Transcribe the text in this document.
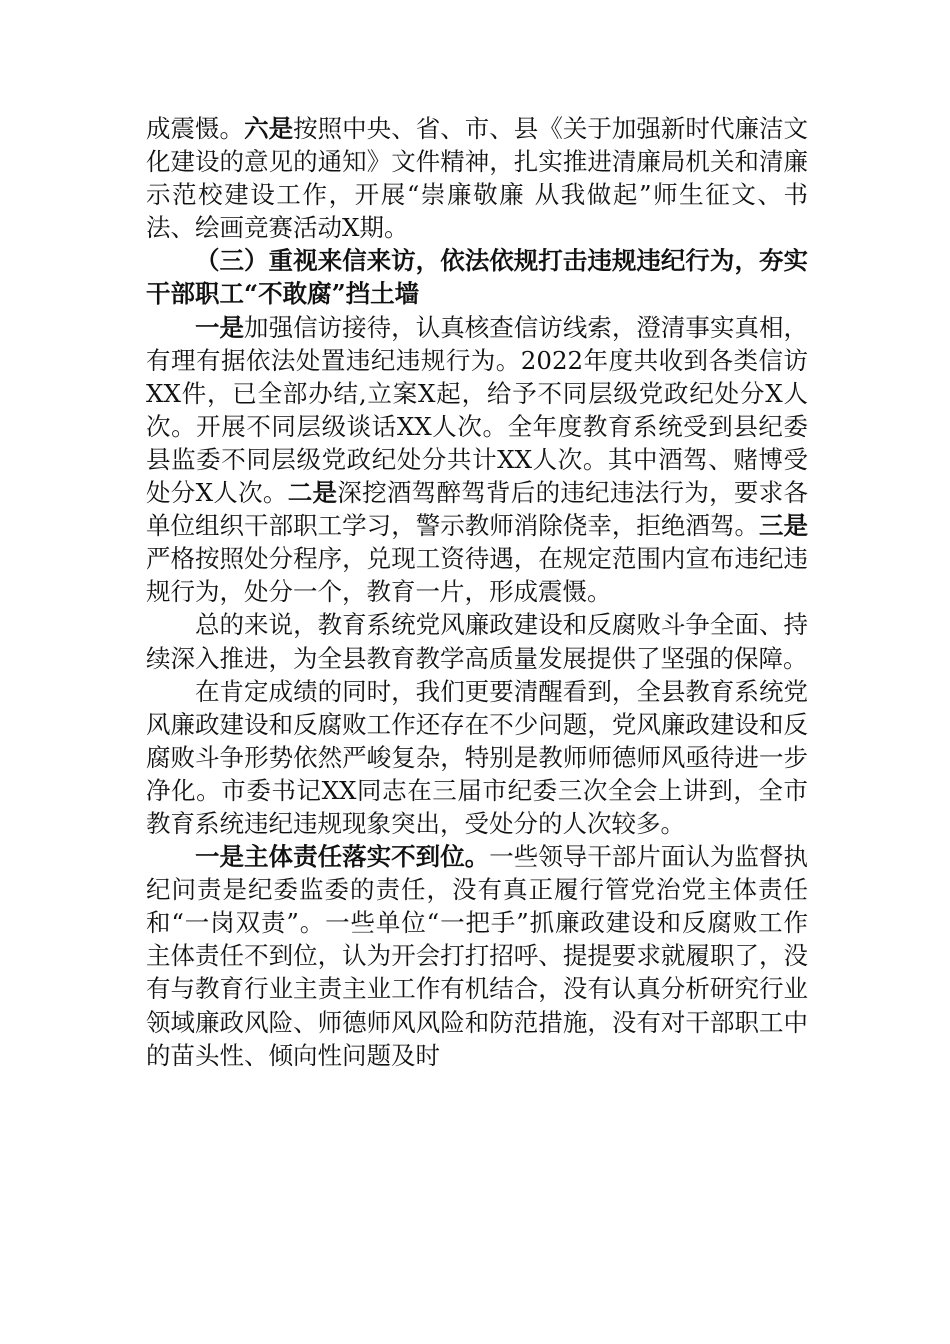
成震慑。六是按照中央、省、市、县《关于加强新时代廉洁文化建设的意见的通知》文件精神，扎实推进清廉局机关和清廉示范校建设工作，开展“崇廉敬廉 从我做起”师生征文、书法、绘画竞赛活动X期。

（三）重视来信来访，依法依规打击违规违纪行为，夯实干部职工“不敢腐”挡土墙

一是加强信访接待，认真核查信访线索，澄清事实真相，有理有据依法处置违纪违规行为。2022年度共收到各类信访XX件，已全部办结,立案X起，给予不同层级党政纪处分X人次。开展不同层级谈话XX人次。全年度教育系统受到县纪委县监委不同层级党政纪处分共计XX人次。其中酒驾、赌博受处分X人次。二是深挖酒驾醉驾背后的违纪违法行为，要求各单位组织干部职工学习，警示教师消除侥幸，拒绝酒驾。三是严格按照处分程序，兑现工资待遇，在规定范围内宣布违纪违规行为，处分一个，教育一片，形成震慑。

总的来说，教育系统党风廉政建设和反腐败斗争全面、持续深入推进，为全县教育教学高质量发展提供了坚强的保障。

在肯定成绩的同时，我们更要清醒看到，全县教育系统党风廉政建设和反腐败工作还存在不少问题，党风廉政建设和反腐败斗争形势依然严峻复杂，特别是教师师德师风亟待进一步净化。市委书记XX同志在三届市纪委三次全会上讲到，全市教育系统违纪违规现象突出，受处分的人次较多。

一是主体责任落实不到位。一些领导干部片面认为监督执纪问责是纪委监委的责任，没有真正履行管党治党主体责任和“一岗双责”。一些单位“一把手”抓廉政建设和反腐败工作主体责任不到位，认为开会打打招呼、提提要求就履职了，没有与教育行业主责主业工作有机结合，没有认真分析研究行业领域廉政风险、师德师风风险和防范措施，没有对干部职工中的苗头性、倾向性问题及时
